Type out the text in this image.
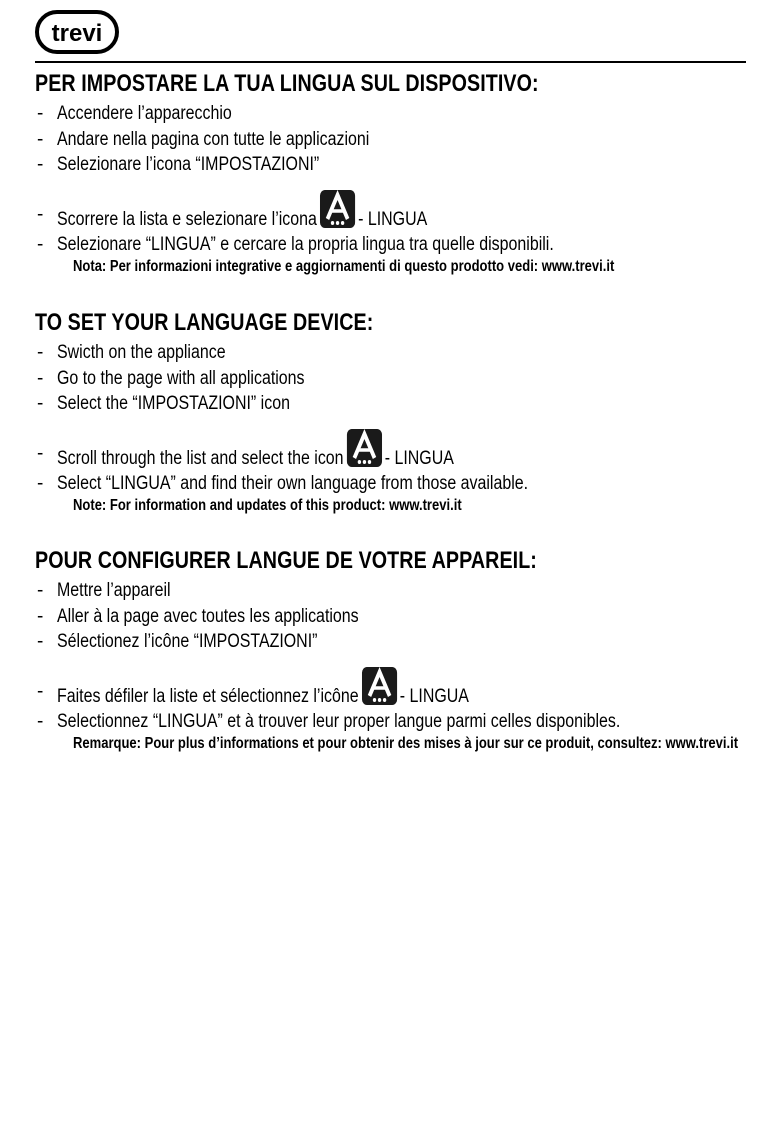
trevi
PER IMPOSTARE LA TUA LINGUA SUL DISPOSITIVO:
- Accendere l’apparecchio
- Andare nella pagina con tutte le applicazioni
- Selezionare l’icona “IMPOSTAZIONI”
- Scorrere la lista e selezionare l’icona - LINGUA
- Selezionare “LINGUA” e cercare la propria lingua tra quelle disponibili.
Nota: Per informazioni integrative e aggiornamenti di questo prodotto vedi: www.trevi.it
TO SET YOUR LANGUAGE DEVICE:
- Swicth on the appliance
- Go to the page with all applications
- Select the “IMPOSTAZIONI” icon
- Scroll through the list and select the icon - LINGUA
- Select “LINGUA” and find their own language from those available.
Note: For information and updates of this product: www.trevi.it
POUR CONFIGURER LANGUE DE VOTRE APPAREIL:
- Mettre l’appareil
- Aller à la page avec toutes les applications
- Sélectionez l’icône “IMPOSTAZIONI”
- Faites défiler la liste et sélectionnez l’icône - LINGUA
- Selectionnez “LINGUA” et à trouver leur proper langue parmi celles disponibles.
Remarque: Pour plus d’informations et pour obtenir des mises à jour sur ce produit, consultez: www.trevi.it
